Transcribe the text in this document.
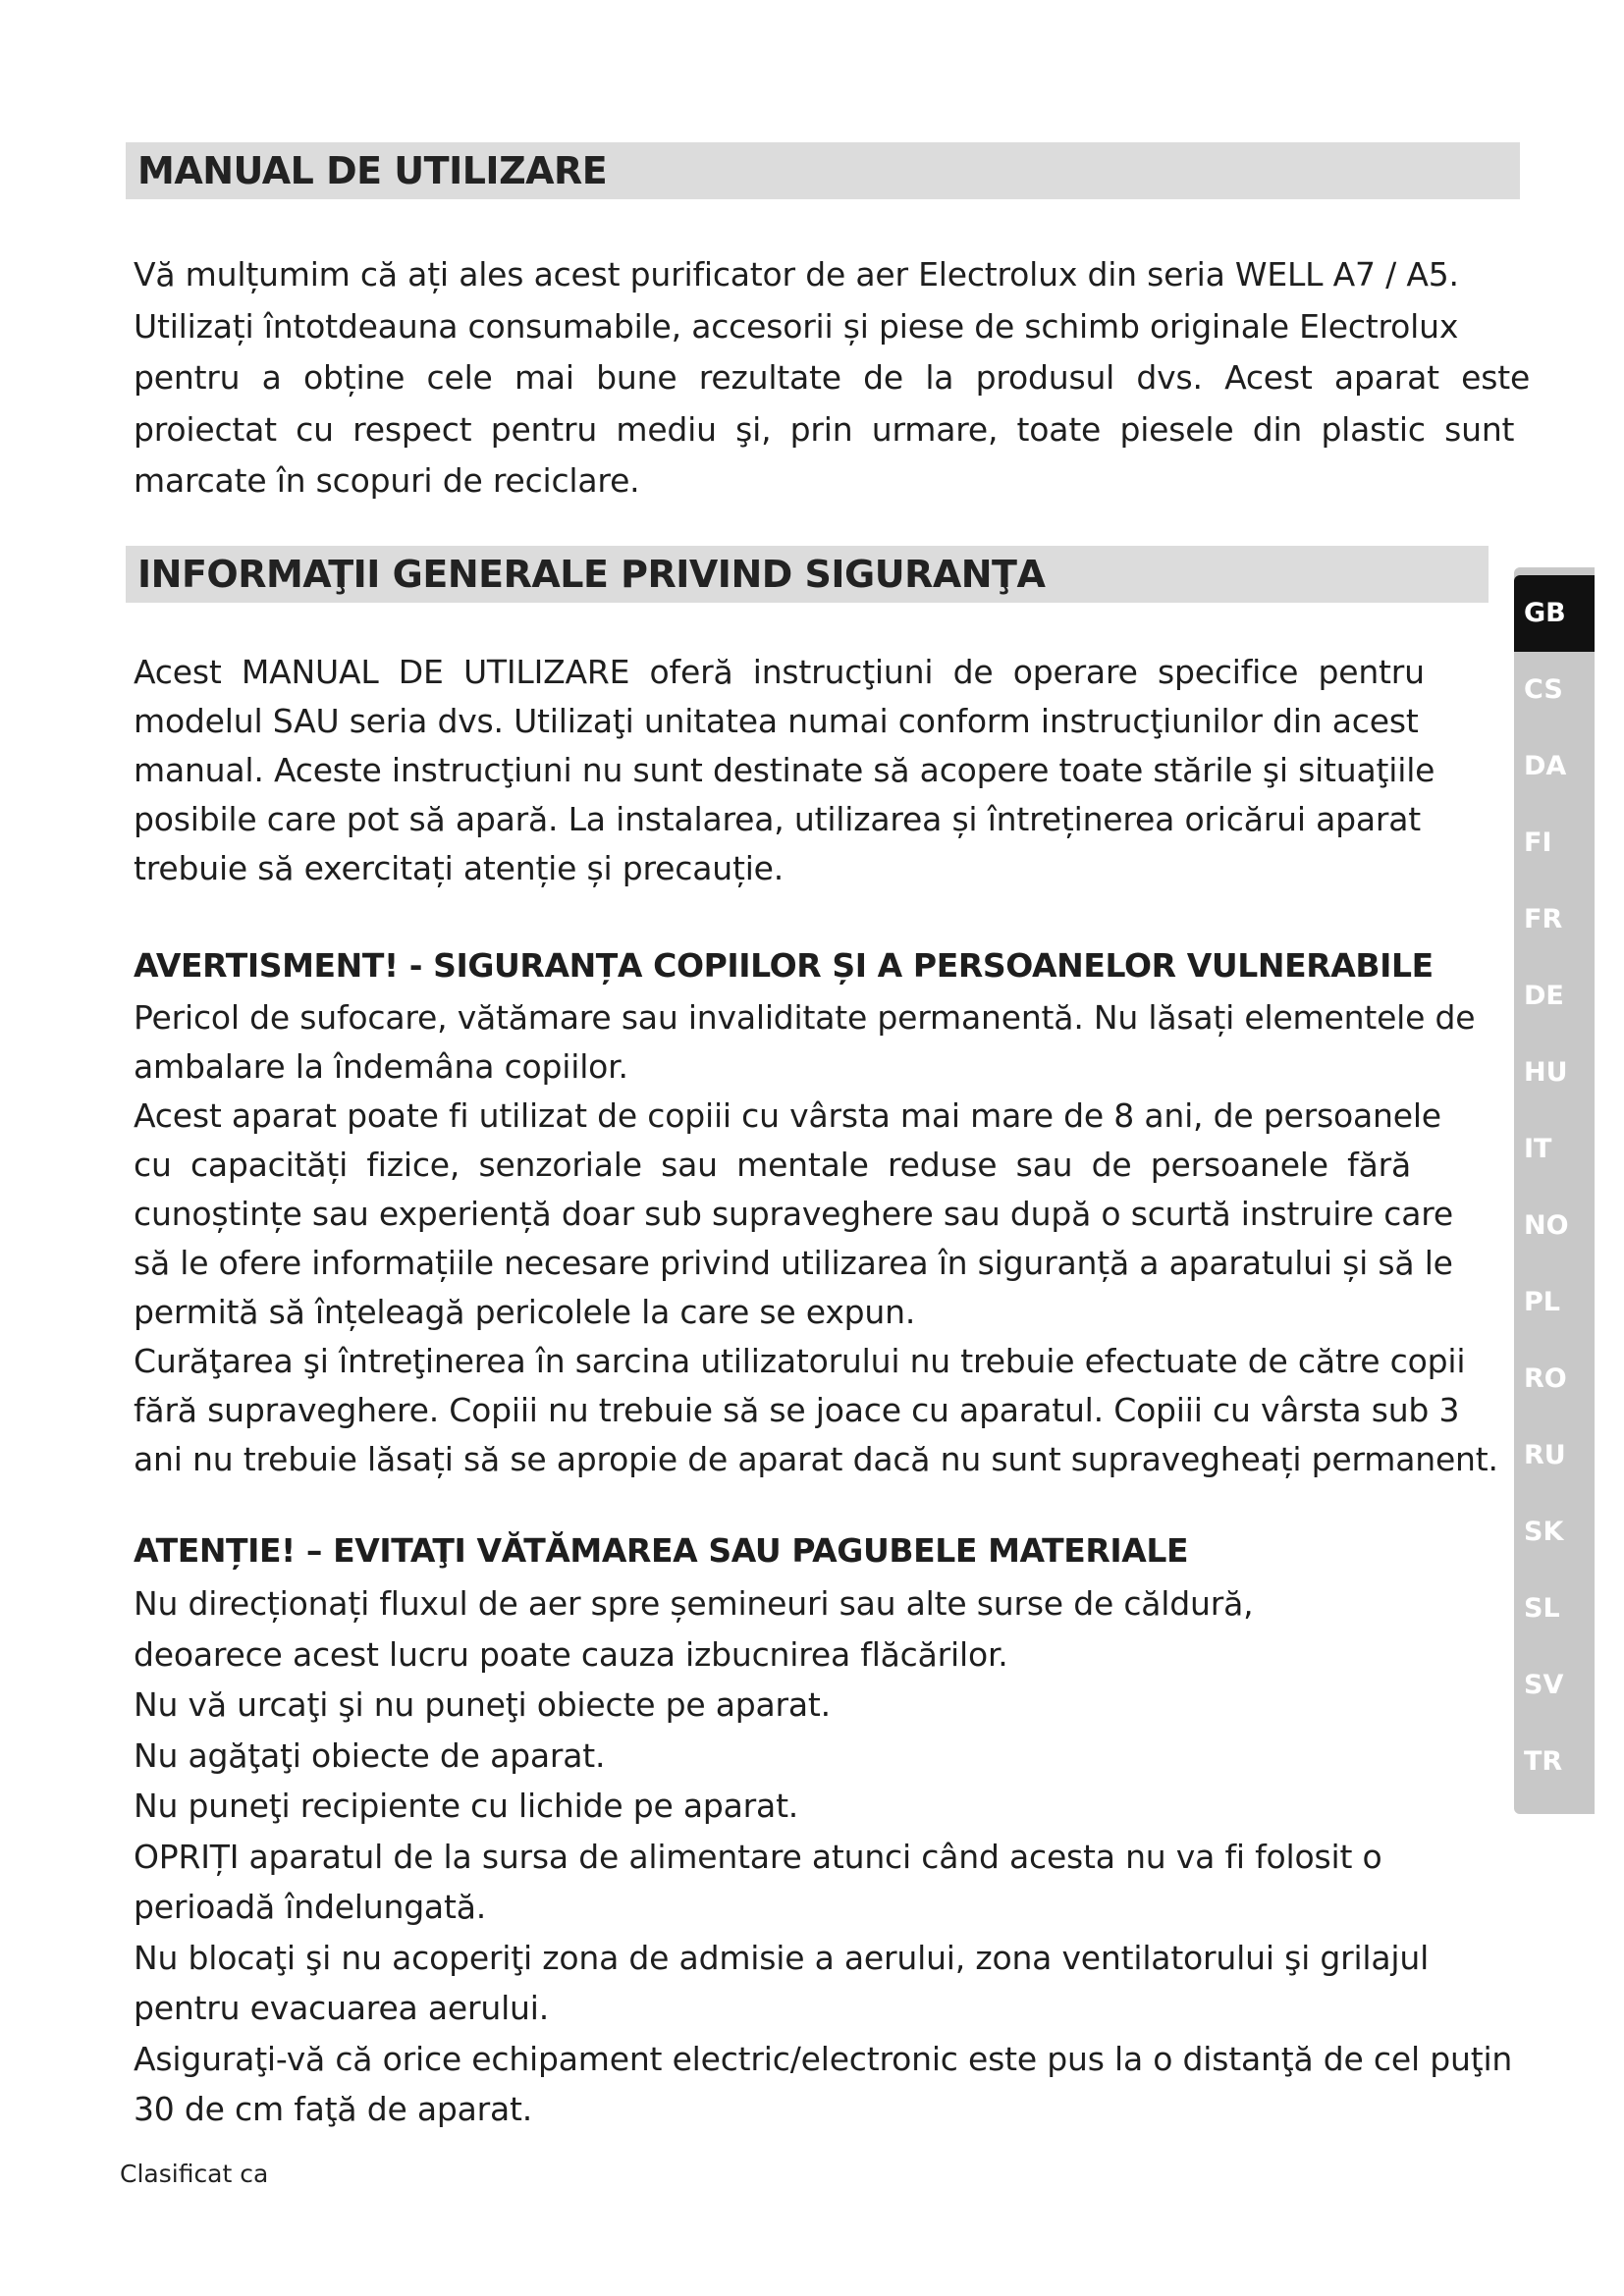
MANUAL DE UTILIZARE

Vă mulțumim că ați ales acest purificator de aer Electrolux din seria WELL A7 / A5.
Utilizați întotdeauna consumabile, accesorii și piese de schimb originale Electrolux
pentru a obține cele mai bune rezultate de la produsul dvs. Acest aparat este
proiectat cu respect pentru mediu şi, prin urmare, toate piesele din plastic sunt
marcate în scopuri de reciclare.

INFORMAŢII GENERALE PRIVIND SIGURANŢA

Acest MANUAL DE UTILIZARE oferă instrucţiuni de operare specifice pentru
modelul SAU seria dvs. Utilizaţi unitatea numai conform instrucţiunilor din acest
manual. Aceste instrucţiuni nu sunt destinate să acopere toate stările şi situaţiile
posibile care pot să apară. La instalarea, utilizarea și întreținerea oricărui aparat
trebuie să exercitați atenție și precauție.

AVERTISMENT! - SIGURANȚA COPIILOR ȘI A PERSOANELOR VULNERABILE

Pericol de sufocare, vătămare sau invaliditate permanentă. Nu lăsați elementele de
ambalare la îndemâna copiilor.
Acest aparat poate fi utilizat de copiii cu vârsta mai mare de 8 ani, de persoanele
cu capacități fizice, senzoriale sau mentale reduse sau de persoanele fără
cunoștințe sau experiență doar sub supraveghere sau după o scurtă instruire care
să le ofere informațiile necesare privind utilizarea în siguranță a aparatului și să le
permită să înțeleagă pericolele la care se expun.
Curăţarea şi întreţinerea în sarcina utilizatorului nu trebuie efectuate de către copii
fără supraveghere. Copiii nu trebuie să se joace cu aparatul. Copiii cu vârsta sub 3
ani nu trebuie lăsați să se apropie de aparat dacă nu sunt supravegheați permanent.

ATENȚIE! – EVITAŢI VĂTĂMAREA SAU PAGUBELE MATERIALE

Nu direcționați fluxul de aer spre șemineuri sau alte surse de căldură,
deoarece acest lucru poate cauza izbucnirea flăcărilor.
Nu vă urcaţi şi nu puneţi obiecte pe aparat.
Nu agăţaţi obiecte de aparat.
Nu puneţi recipiente cu lichide pe aparat.
OPRIȚI aparatul de la sursa de alimentare atunci când acesta nu va fi folosit o
perioadă îndelungată.
Nu blocaţi şi nu acoperiţi zona de admisie a aerului, zona ventilatorului şi grilajul
pentru evacuarea aerului.
Asiguraţi-vă că orice echipament electric/electronic este pus la o distanţă de cel puţin
30 de cm faţă de aparat.

Clasificat ca
GB
CS
DA
FI
FR
DE
HU
IT
NO
PL
RO
RU
SK
SL
SV
TR
